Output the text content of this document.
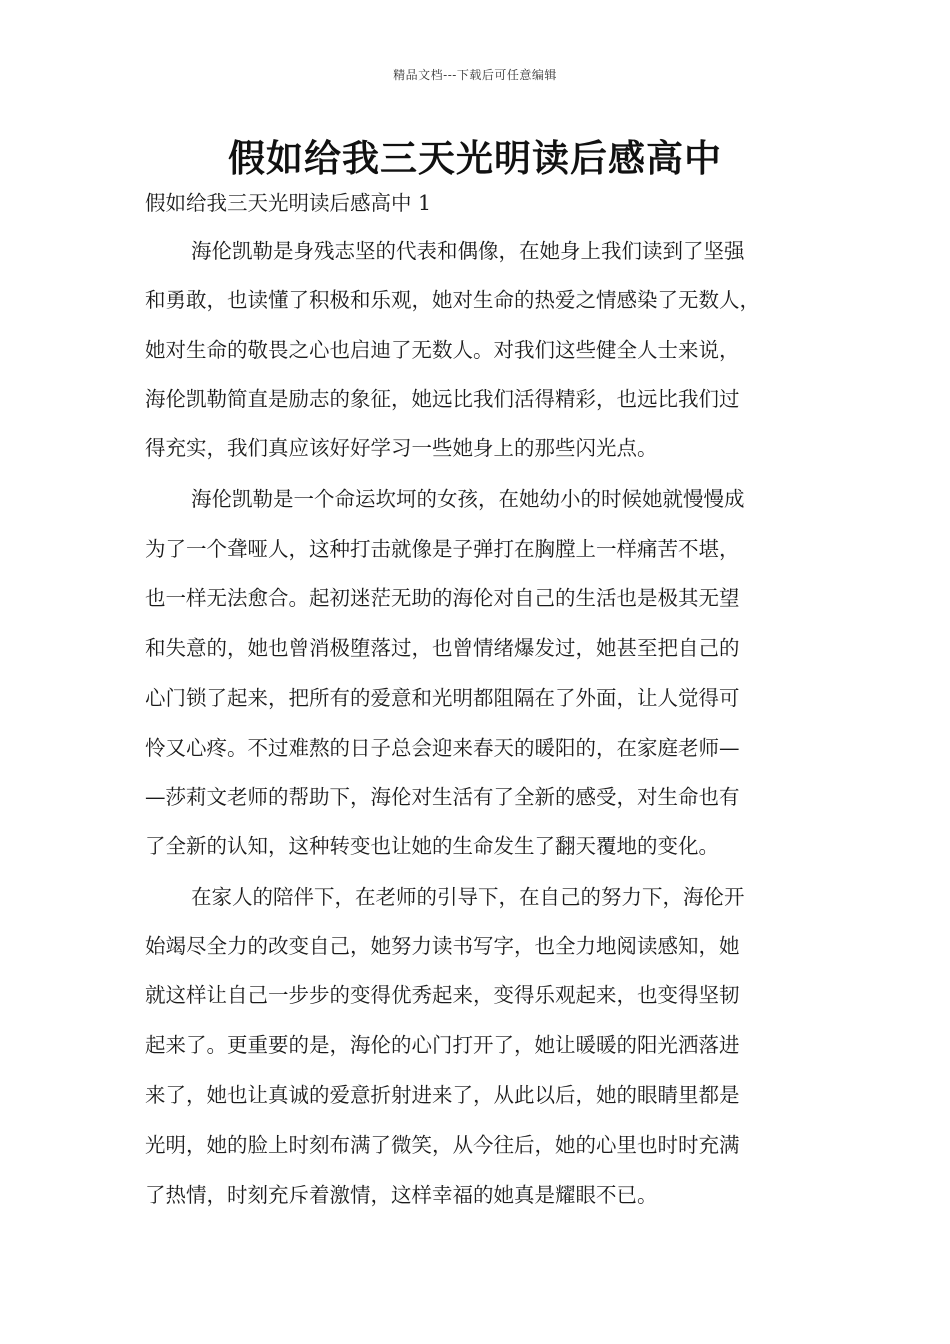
精品文档---下载后可任意编辑
假如给我三天光明读后感高中

假如给我三天光明读后感高中 1

海伦凯勒是身残志坚的代表和偶像，在她身上我们读到了坚强

和勇敢，也读懂了积极和乐观，她对生命的热爱之情感染了无数人，

她对生命的敬畏之心也启迪了无数人。对我们这些健全人士来说，

海伦凯勒简直是励志的象征，她远比我们活得精彩，也远比我们过

得充实，我们真应该好好学习一些她身上的那些闪光点。

海伦凯勒是一个命运坎坷的女孩，在她幼小的时候她就慢慢成

为了一个聋哑人，这种打击就像是子弹打在胸膛上一样痛苦不堪，

也一样无法愈合。起初迷茫无助的海伦对自己的生活也是极其无望

和失意的，她也曾消极堕落过，也曾情绪爆发过，她甚至把自己的

心门锁了起来，把所有的爱意和光明都阻隔在了外面，让人觉得可

怜又心疼。不过难熬的日子总会迎来春天的暖阳的，在家庭老师—

—莎莉文老师的帮助下，海伦对生活有了全新的感受，对生命也有

了全新的认知，这种转变也让她的生命发生了翻天覆地的变化。

在家人的陪伴下，在老师的引导下，在自己的努力下，海伦开

始竭尽全力的改变自己，她努力读书写字，也全力地阅读感知，她

就这样让自己一步步的变得优秀起来，变得乐观起来，也变得坚韧

起来了。更重要的是，海伦的心门打开了，她让暖暖的阳光洒落进

来了，她也让真诚的爱意折射进来了，从此以后，她的眼睛里都是

光明，她的脸上时刻布满了微笑，从今往后，她的心里也时时充满

了热情，时刻充斥着激情，这样幸福的她真是耀眼不已。
